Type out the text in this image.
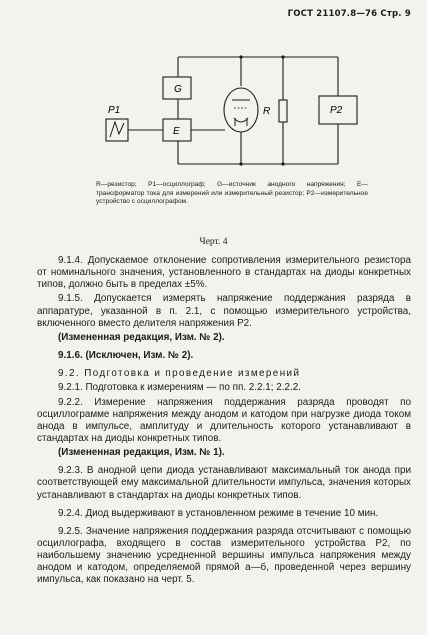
ГОСТ 21107.8—76 Стр. 9
G
E
P1	P2
R
R—резистор; P1—осциллограф; G—источник анодного напряжения; E—трансформатор тока для измерений или измерительный резистор; P2—измерительное устройство с осциллографом.
Черт. 4

9.1.4. Допускаемое отклонение сопротивления измерительного резистора от номинального значения, установленного в стандартах на диоды конкретных типов, должно быть в пределах ±5%.

9.1.5. Допускается измерять напряжение поддержания разряда в аппаратуре, указанной в п. 2.1, с помощью измерительного устройства, включенного вместо делителя напряжения Р2.

(Измененная редакция, Изм. № 2).

9.1.6. (Исключен, Изм. № 2).

9.2. Подготовка и проведение измерений

9.2.1. Подготовка к измерениям — по пп. 2.2.1; 2.2.2.

9.2.2. Измерение напряжения поддержания разряда проводят по осциллограмме напряжения между анодом и катодом при нагрузке диода током анода в импульсе, амплитуду и длительность которого устанавливают в стандартах на диоды конкретных типов.

(Измененная редакция, Изм. № 1).

9.2.3. В анодной цепи диода устанавливают максимальный ток анода при соответствующей ему максимальной длительности импульса, значения которых устанавливают в стандартах на диоды конкретных типов.

9.2.4. Диод выдерживают в установленном режиме в течение 10 мин.

9.2.5. Значение напряжения поддержания разряда отсчитывают с помощью осциллографа, входящего в состав измерительного устройства Р2, по наибольшему значению усредненной вершины импульса напряжения между анодом и катодом, определяемой прямой а—б, проведенной через вершину импульса, как показано на черт. 5.
